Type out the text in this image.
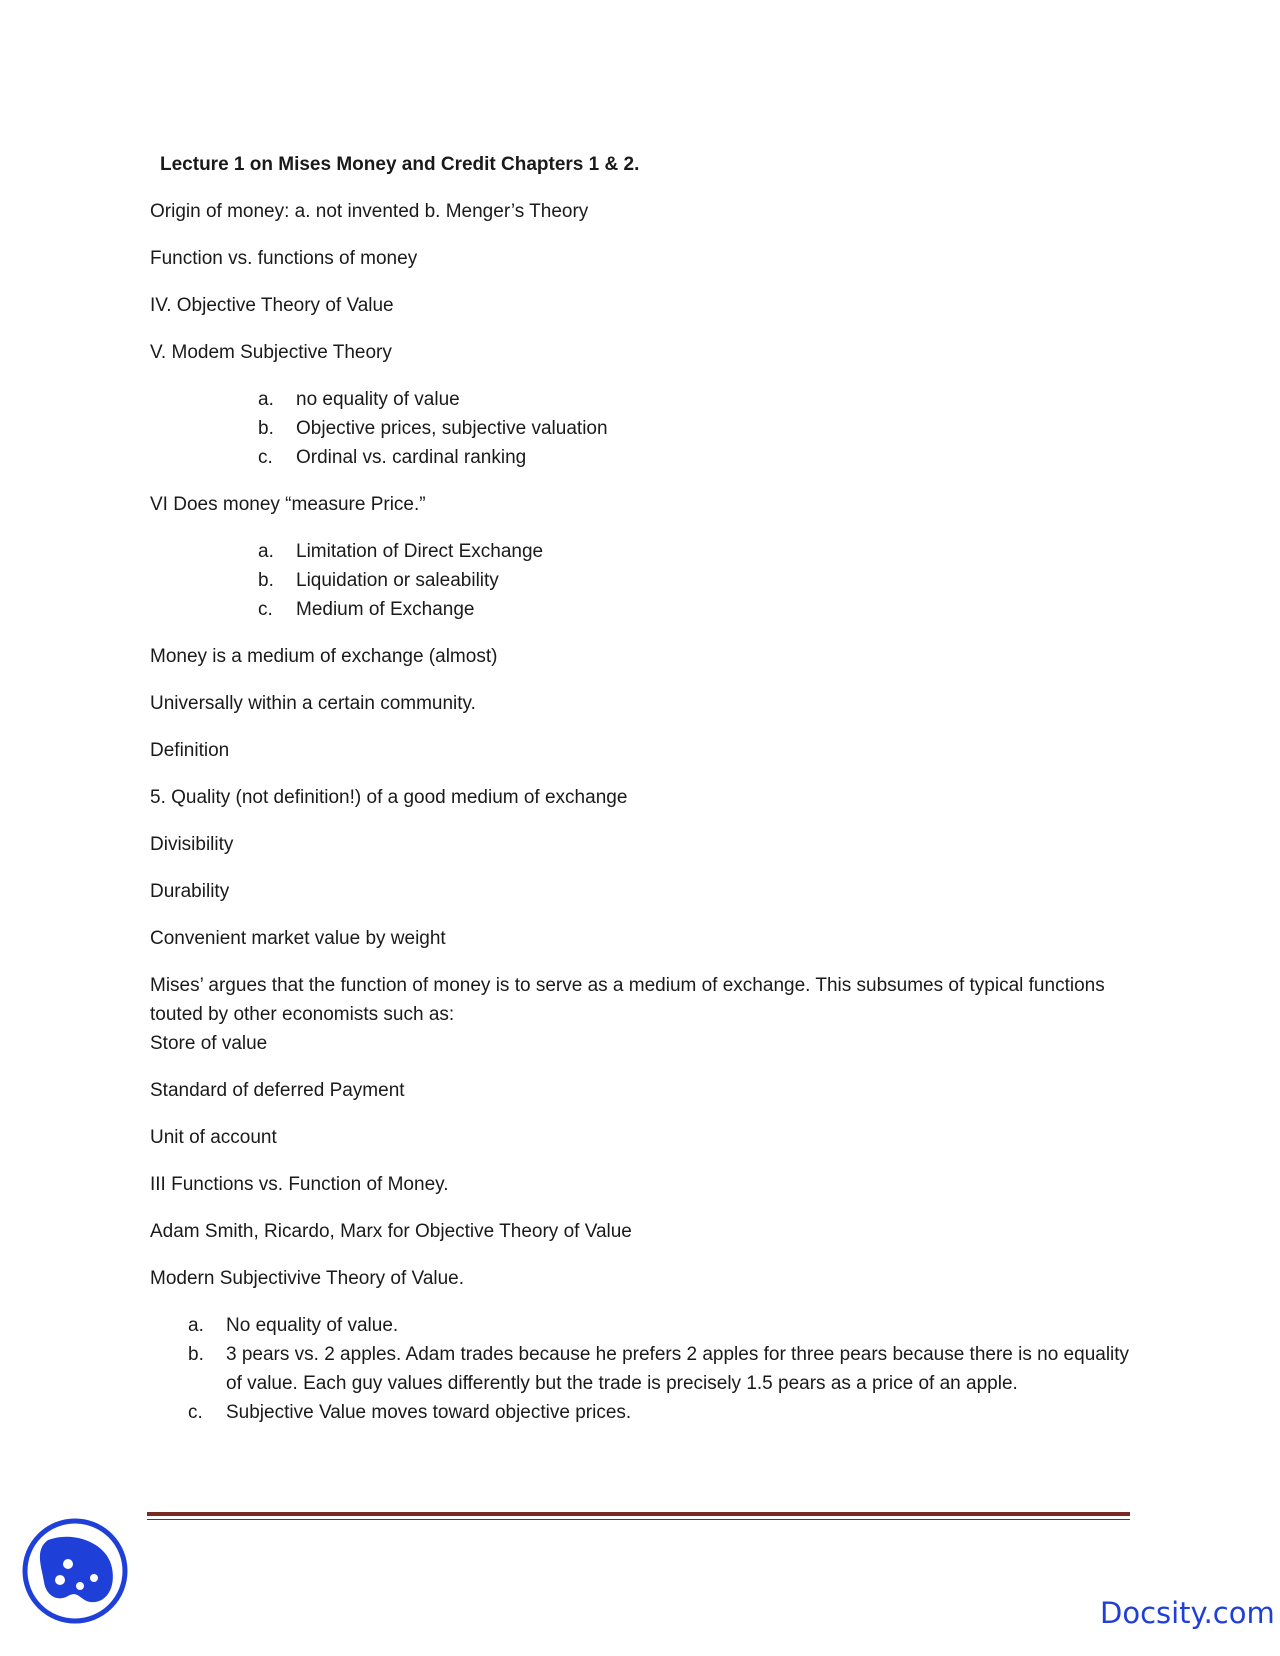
Lecture 1 on Mises Money and Credit Chapters 1 & 2.

Origin of money: a. not invented b. Menger’s Theory

Function vs. functions of money

IV. Objective Theory of Value

V. Modem Subjective Theory

a.	no equality of value
b.	Objective prices, subjective valuation
c.	Ordinal vs. cardinal ranking

VI Does money “measure Price.”

a.	Limitation of Direct Exchange
b.	Liquidation or saleability
c.	Medium of Exchange

Money is a medium of exchange (almost)

Universally within a certain community.

Definition

5. Quality (not definition!) of a good medium of exchange

Divisibility

Durability

Convenient market value by weight

Mises’ argues that the function of money is to serve as a medium of exchange. This subsumes of typical functions touted by other economists such as:

Store of value

Standard of deferred Payment

Unit of account

III Functions vs. Function of Money.

Adam Smith, Ricardo, Marx for Objective Theory of Value

Modern Subjectivive Theory of Value.

a.	No equality of value.
b.	3 pears vs. 2 apples. Adam trades because he prefers 2 apples for three pears because there is no equality of value. Each guy values differently but the trade is precisely 1.5 pears as a price of an apple.
c.	Subjective Value moves toward objective prices.
Docsity.com
